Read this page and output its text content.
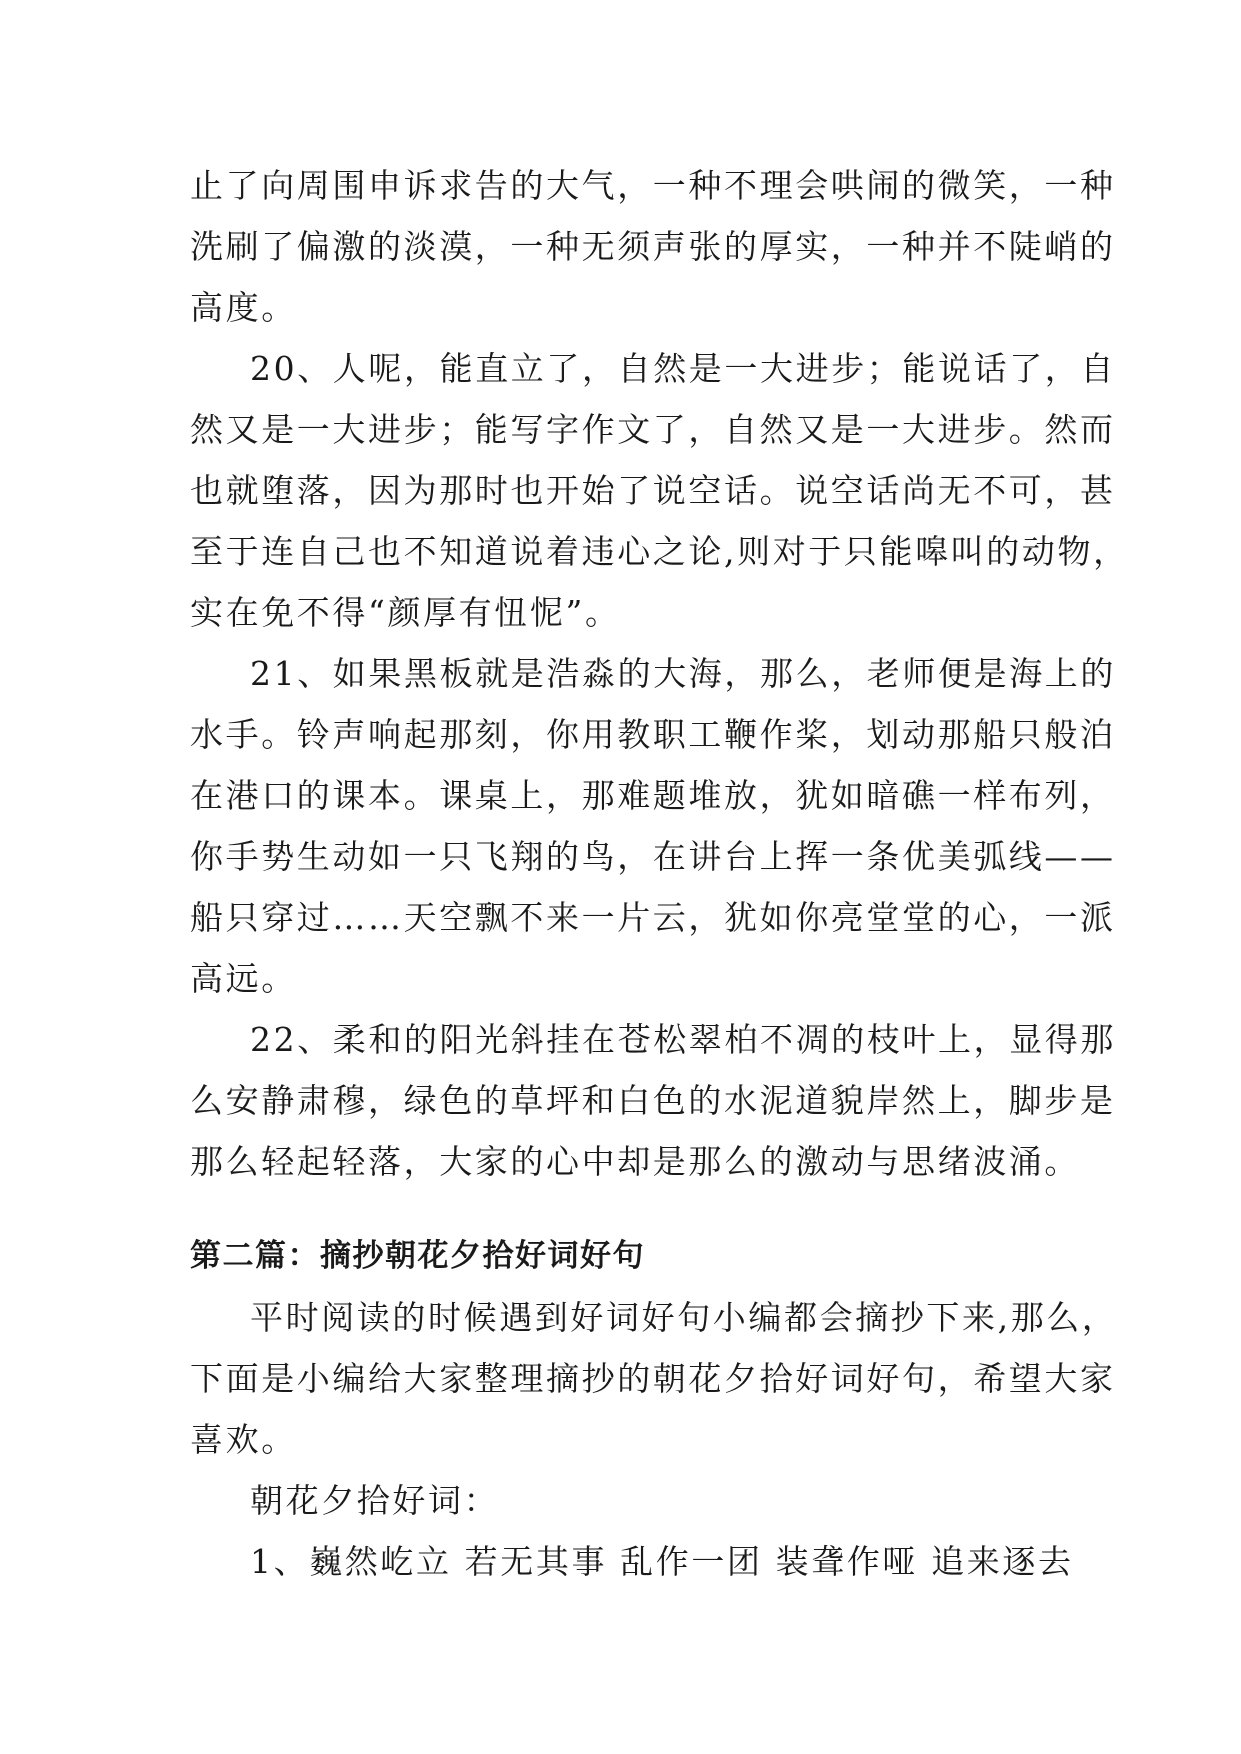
止了向周围申诉求告的大气，一种不理会哄闹的微笑，一种
洗刷了偏激的淡漠，一种无须声张的厚实，一种并不陡峭的
高度。

20、人呢，能直立了，自然是一大进步；能说话了，自
然又是一大进步；能写字作文了，自然又是一大进步。然而
也就堕落，因为那时也开始了说空话。说空话尚无不可，甚
至于连自己也不知道说着违心之论,则对于只能嗥叫的动物，
实在免不得“颜厚有忸怩”。

21、如果黑板就是浩淼的大海，那么，老师便是海上的
水手。铃声响起那刻，你用教职工鞭作桨，划动那船只般泊
在港口的课本。课桌上，那难题堆放，犹如暗礁一样布列，
你手势生动如一只飞翔的鸟，在讲台上挥一条优美弧线——
船只穿过……天空飘不来一片云，犹如你亮堂堂的心，一派
高远。

22、柔和的阳光斜挂在苍松翠柏不凋的枝叶上，显得那
么安静肃穆，绿色的草坪和白色的水泥道貌岸然上，脚步是
那么轻起轻落，大家的心中却是那么的激动与思绪波涌。

第二篇：摘抄朝花夕拾好词好句

平时阅读的时候遇到好词好句小编都会摘抄下来,那么，
下面是小编给大家整理摘抄的朝花夕拾好词好句，希望大家
喜欢。

朝花夕拾好词：

1、巍然屹立 若无其事 乱作一团 装聋作哑 追来逐去
